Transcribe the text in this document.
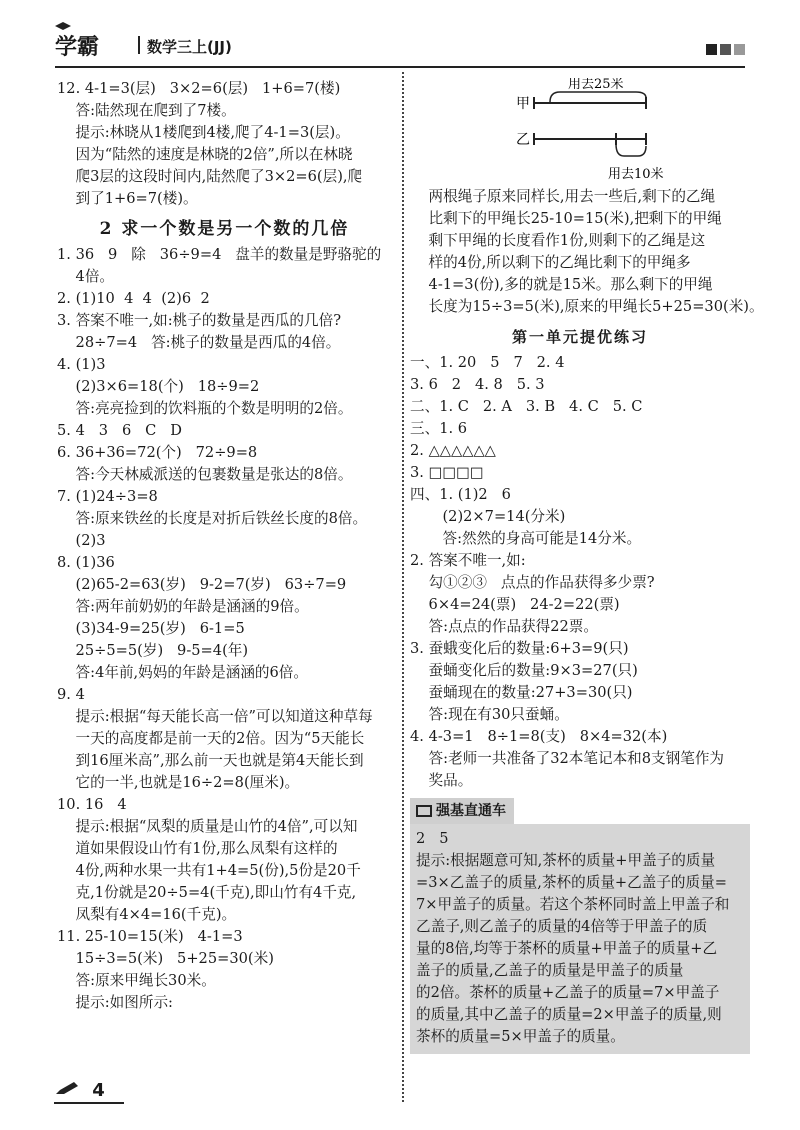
学霸	数学三上(JJ)
12. 4-1=3(层)   3×2=6(层)   1+6=7(楼)
答:陆然现在爬到了7楼。
提示:林晓从1楼爬到4楼,爬了4-1=3(层)。
因为“陆然的速度是林晓的2倍”,所以在林晓
爬3层的这段时间内,陆然爬了3×2=6(层),爬
到了1+6=7(楼)。
2 求一个数是另一个数的几倍
1. 36   9   除   36÷9=4   盘羊的数量是野骆驼的
4倍。
2. (1)10  4  4  (2)6  2
3. 答案不唯一,如:桃子的数量是西瓜的几倍?
28÷7=4   答:桃子的数量是西瓜的4倍。
4. (1)3
(2)3×6=18(个)   18÷9=2
答:亮亮捡到的饮料瓶的个数是明明的2倍。
5. 4   3   6   C   D
6. 36+36=72(个)   72÷9=8
答:今天林威派送的包裹数量是张达的8倍。
7. (1)24÷3=8
答:原来铁丝的长度是对折后铁丝长度的8倍。
(2)3
8. (1)36
(2)65-2=63(岁)   9-2=7(岁)   63÷7=9
答:两年前奶奶的年龄是涵涵的9倍。
(3)34-9=25(岁)   6-1=5
25÷5=5(岁)   9-5=4(年)
答:4年前,妈妈的年龄是涵涵的6倍。
9. 4
提示:根据“每天能长高一倍”可以知道这种草每
一天的高度都是前一天的2倍。因为“5天能长
到16厘米高”,那么前一天也就是第4天能长到
它的一半,也就是16÷2=8(厘米)。
10. 16   4
提示:根据“凤梨的质量是山竹的4倍”,可以知
道如果假设山竹有1份,那么凤梨有这样的
4份,两种水果一共有1+4=5(份),5份是20千
克,1份就是20÷5=4(千克),即山竹有4千克,
凤梨有4×4=16(千克)。
11. 25-10=15(米)   4-1=3
15÷3=5(米)   5+25=30(米)
答:原来甲绳长30米。
提示:如图所示:
甲
乙
用去25米
用去10米
两根绳子原来同样长,用去一些后,剩下的乙绳
比剩下的甲绳长25-10=15(米),把剩下的甲绳
剩下甲绳的长度看作1份,则剩下的乙绳是这
样的4份,所以剩下的乙绳比剩下的甲绳多
4-1=3(份),多的就是15米。那么剩下的甲绳
长度为15÷3=5(米),原来的甲绳长5+25=30(米)。
第一单元提优练习
一、1. 20   5   7   2. 4
3. 6   2   4. 8   5. 3
二、1. C   2. A   3. B   4. C   5. C
三、1. 6
2. △△△△△△
3. □□□□
四、1. (1)2   6
(2)2×7=14(分米)
答:然然的身高可能是14分米。
2. 答案不唯一,如:
勾①②③   点点的作品获得多少票?
6×4=24(票)   24-2=22(票)
答:点点的作品获得22票。
3. 蚕蛾变化后的数量:6+3=9(只)
蚕蛹变化后的数量:9×3=27(只)
蚕蛹现在的数量:27+3=30(只)
答:现在有30只蚕蛹。
4. 4-3=1   8÷1=8(支)   8×4=32(本)
答:老师一共准备了32本笔记本和8支钢笔作为
奖品。
强基直通车
2   5
提示:根据题意可知,茶杯的质量+甲盖子的质量
=3×乙盖子的质量,茶杯的质量+乙盖子的质量=
7×甲盖子的质量。若这个茶杯同时盖上甲盖子和
乙盖子,则乙盖子的质量的4倍等于甲盖子的质
量的8倍,均等于茶杯的质量+甲盖子的质量+乙
盖子的质量,乙盖子的质量是甲盖子的质量
的2倍。茶杯的质量+乙盖子的质量=7×甲盖子
的质量,其中乙盖子的质量=2×甲盖子的质量,则
茶杯的质量=5×甲盖子的质量。
4
